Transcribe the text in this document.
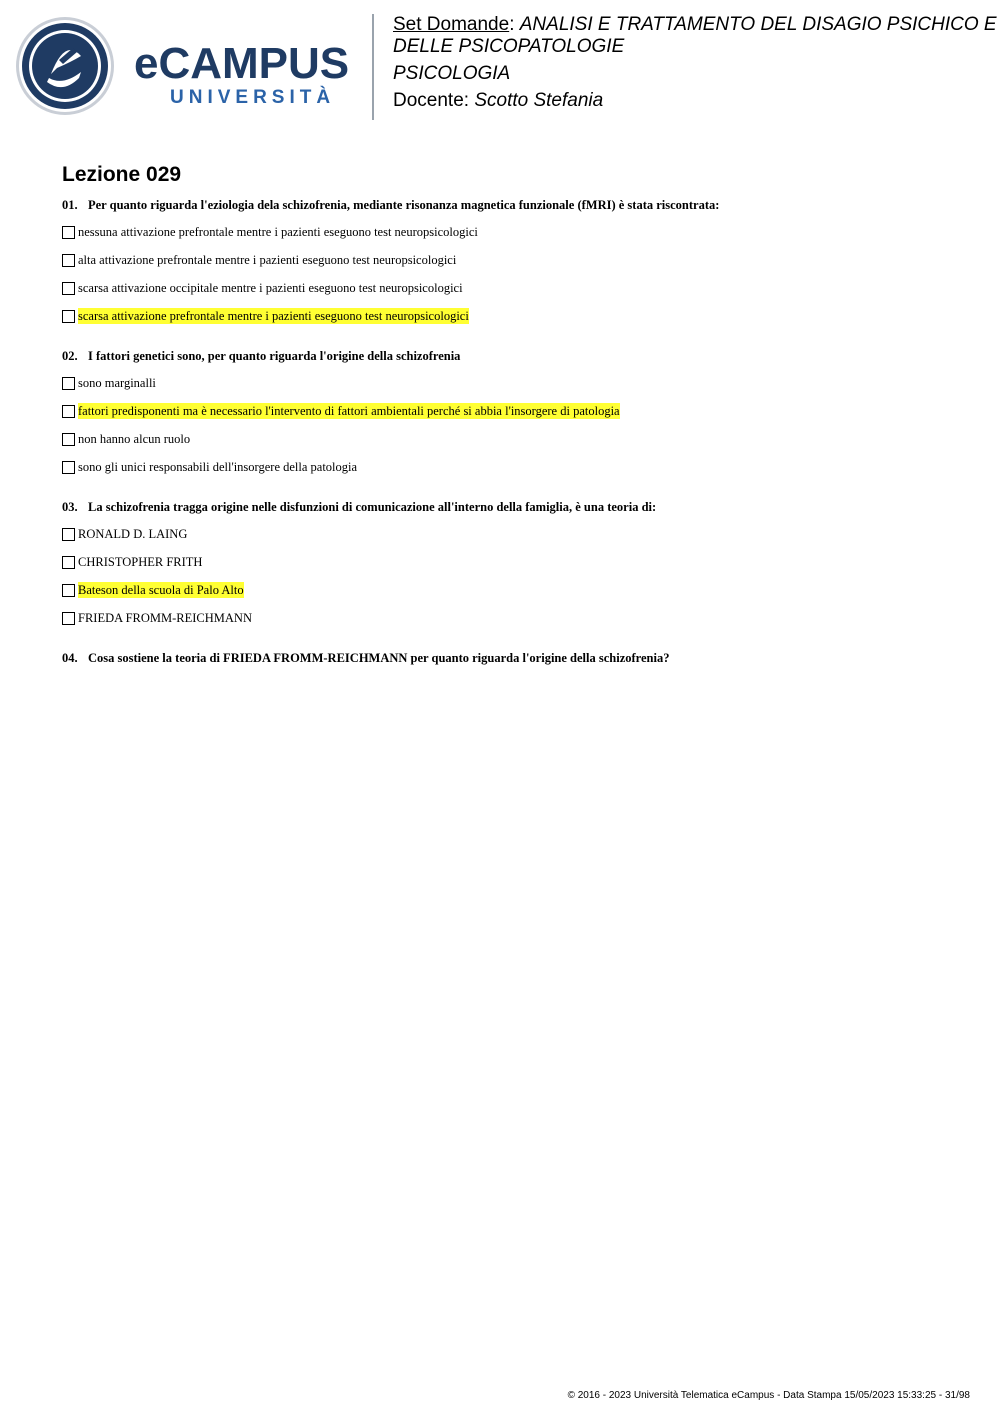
eCAMPUS
UNIVERSITÀ
Set Domande: ANALISI E TRATTAMENTO DEL DISAGIO PSICHICO E
DELLE PSICOPATOLOGIE
PSICOLOGIA
Docente: Scotto Stefania
Lezione 029
01. Per quanto riguarda l'eziologia dela schizofrenia, mediante risonanza magnetica funzionale (fMRI) è stata riscontrata:
nessuna attivazione prefrontale mentre i pazienti eseguono test neuropsicologici
alta attivazione prefrontale mentre i pazienti eseguono test neuropsicologici
scarsa attivazione occipitale mentre i pazienti eseguono test neuropsicologici
scarsa attivazione prefrontale mentre i pazienti eseguono test neuropsicologici
02. I fattori genetici sono, per quanto riguarda l'origine della schizofrenia
sono marginalli
fattori predisponenti ma è necessario l'intervento di fattori ambientali perché si abbia l'insorgere di patologia
non hanno alcun ruolo
sono gli unici responsabili dell'insorgere della patologia
03. La schizofrenia tragga origine nelle disfunzioni di comunicazione all'interno della famiglia, è una teoria di:
RONALD D. LAING
CHRISTOPHER FRITH
Bateson della scuola di Palo Alto
FRIEDA FROMM-REICHMANN
04. Cosa sostiene la teoria di FRIEDA FROMM-REICHMANN per quanto riguarda l'origine della schizofrenia?
© 2016 - 2023 Università Telematica eCampus - Data Stampa 15/05/2023 15:33:25 - 31/98
